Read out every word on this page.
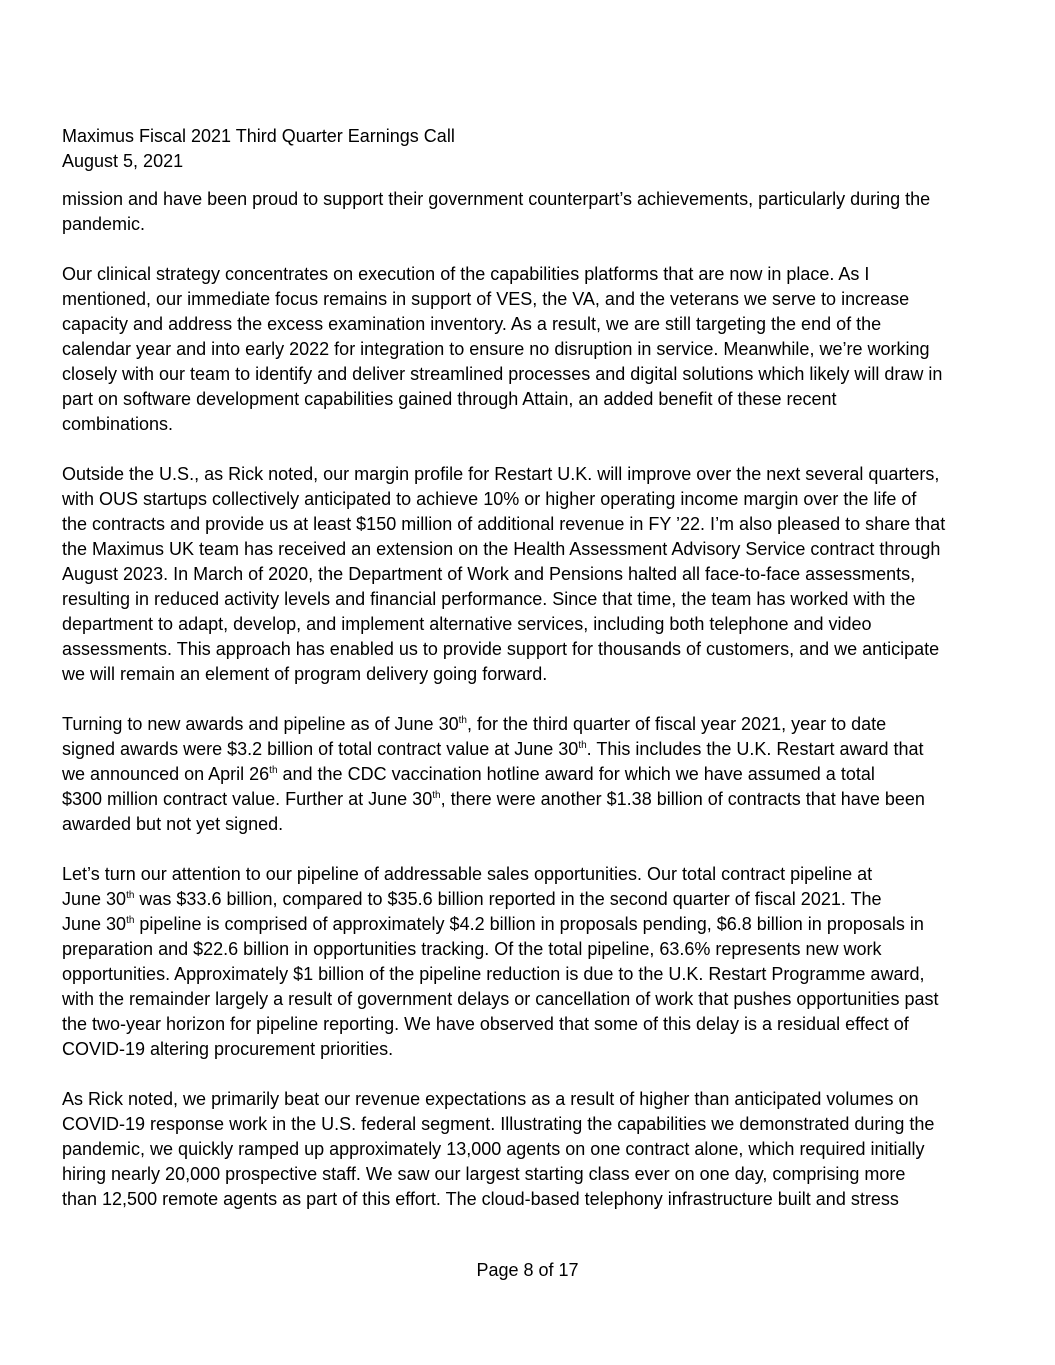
Maximus Fiscal 2021 Third Quarter Earnings Call
August 5, 2021

mission and have been proud to support their government counterpart’s achievements, particularly during the
pandemic.

Our clinical strategy concentrates on execution of the capabilities platforms that are now in place. As I
mentioned, our immediate focus remains in support of VES, the VA, and the veterans we serve to increase
capacity and address the excess examination inventory. As a result, we are still targeting the end of the
calendar year and into early 2022 for integration to ensure no disruption in service. Meanwhile, we’re working
closely with our team to identify and deliver streamlined processes and digital solutions which likely will draw in
part on software development capabilities gained through Attain, an added benefit of these recent
combinations.

Outside the U.S., as Rick noted, our margin profile for Restart U.K. will improve over the next several quarters,
with OUS startups collectively anticipated to achieve 10% or higher operating income margin over the life of
the contracts and provide us at least $150 million of additional revenue in FY ’22. I’m also pleased to share that
the Maximus UK team has received an extension on the Health Assessment Advisory Service contract through
August 2023. In March of 2020, the Department of Work and Pensions halted all face-to-face assessments,
resulting in reduced activity levels and financial performance. Since that time, the team has worked with the
department to adapt, develop, and implement alternative services, including both telephone and video
assessments. This approach has enabled us to provide support for thousands of customers, and we anticipate
we will remain an element of program delivery going forward.

Turning to new awards and pipeline as of June 30th, for the third quarter of fiscal year 2021, year to date
signed awards were $3.2 billion of total contract value at June 30th. This includes the U.K. Restart award that
we announced on April 26th and the CDC vaccination hotline award for which we have assumed a total
$300 million contract value. Further at June 30th, there were another $1.38 billion of contracts that have been
awarded but not yet signed.

Let’s turn our attention to our pipeline of addressable sales opportunities. Our total contract pipeline at
June 30th was $33.6 billion, compared to $35.6 billion reported in the second quarter of fiscal 2021. The
June 30th pipeline is comprised of approximately $4.2 billion in proposals pending, $6.8 billion in proposals in
preparation and $22.6 billion in opportunities tracking. Of the total pipeline, 63.6% represents new work
opportunities. Approximately $1 billion of the pipeline reduction is due to the U.K. Restart Programme award,
with the remainder largely a result of government delays or cancellation of work that pushes opportunities past
the two-year horizon for pipeline reporting. We have observed that some of this delay is a residual effect of
COVID-19 altering procurement priorities.

As Rick noted, we primarily beat our revenue expectations as a result of higher than anticipated volumes on
COVID-19 response work in the U.S. federal segment. Illustrating the capabilities we demonstrated during the
pandemic, we quickly ramped up approximately 13,000 agents on one contract alone, which required initially
hiring nearly 20,000 prospective staff. We saw our largest starting class ever on one day, comprising more
than 12,500 remote agents as part of this effort. The cloud-based telephony infrastructure built and stress

Page 8 of 17
